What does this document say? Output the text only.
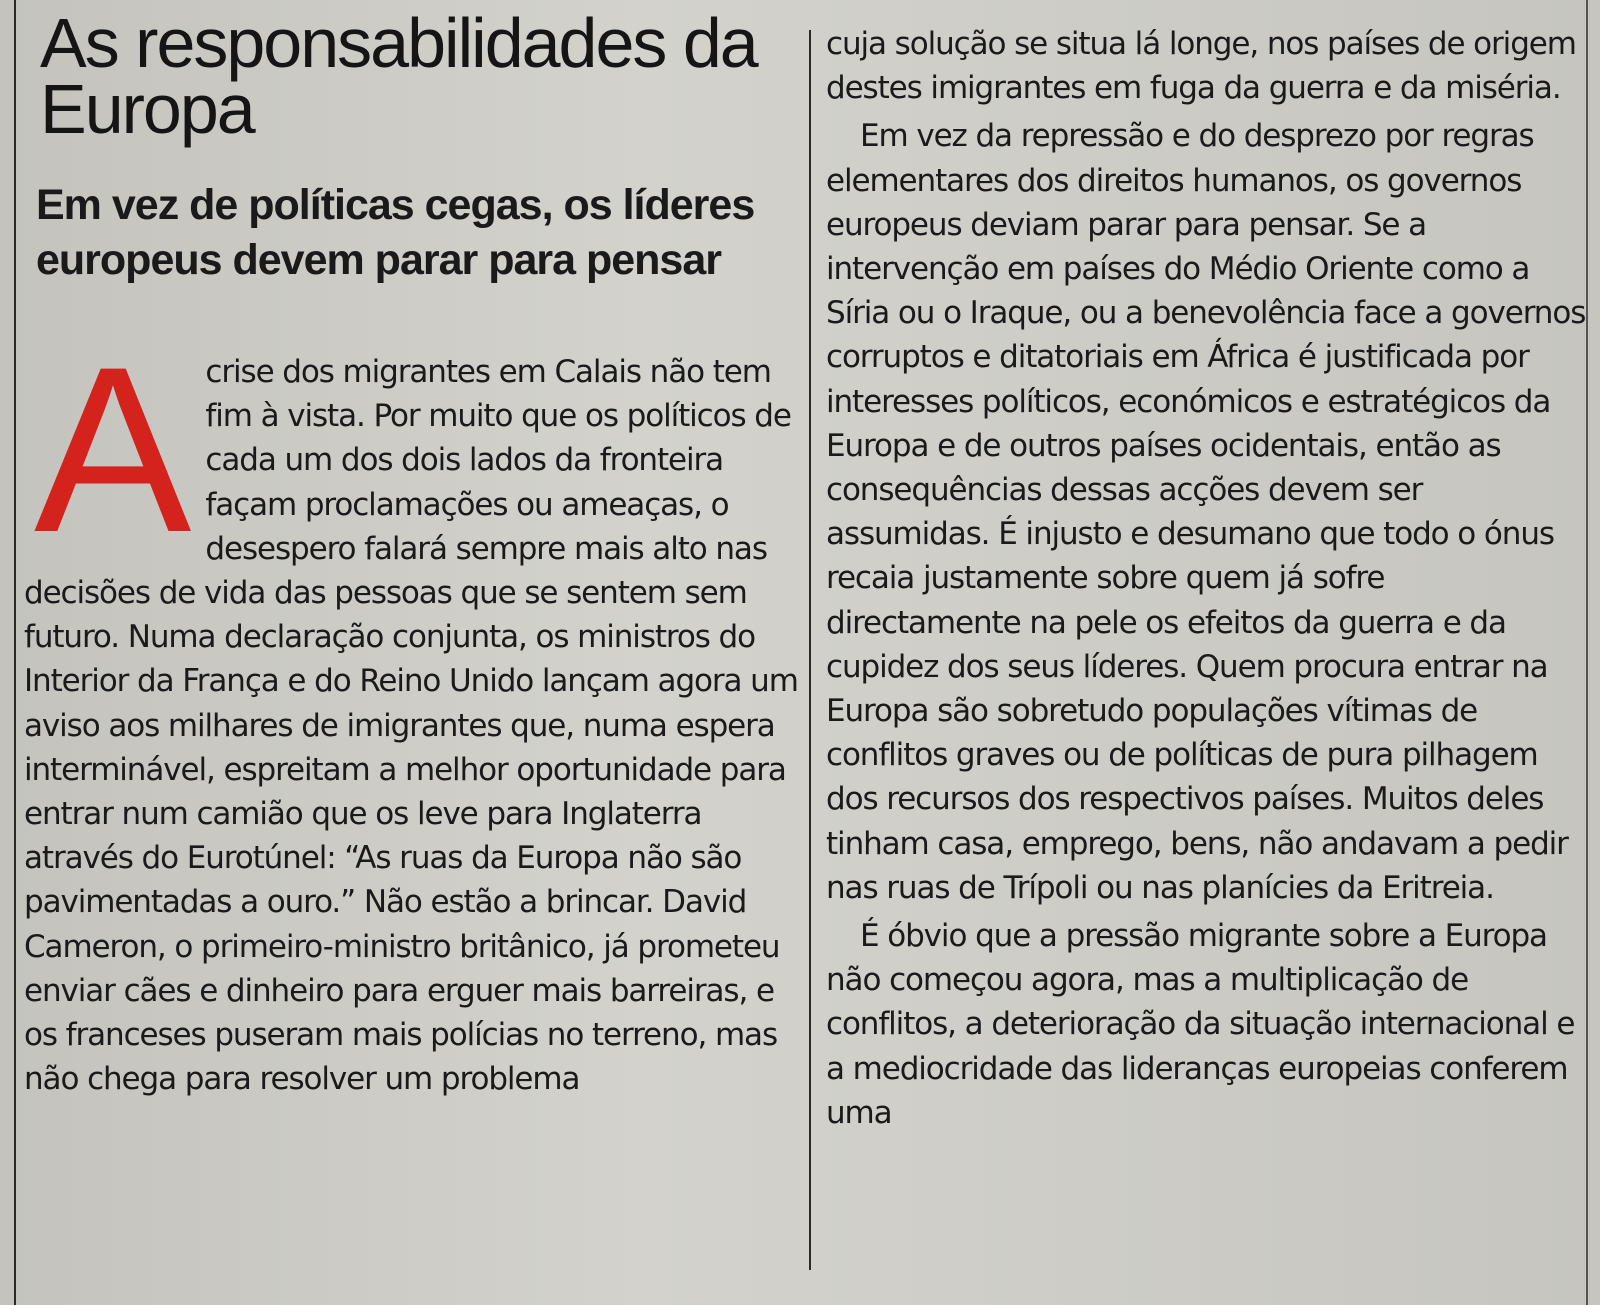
As responsabilidades da Europa
Em vez de políticas cegas, os líderes europeus devem parar para pensar
A crise dos migrantes em Calais não tem fim à vista. Por muito que os políticos de cada um dos dois lados da fronteira façam proclamações ou ameaças, o desespero falará sempre mais alto nas decisões de vida das pessoas que se sentem sem futuro. Numa declaração conjunta, os ministros do Interior da França e do Reino Unido lançam agora um aviso aos milhares de imigrantes que, numa espera interminável, espreitam a melhor oportunidade para entrar num camião que os leve para Inglaterra através do Eurotúnel: “As ruas da Europa não são pavimentadas a ouro.” Não estão a brincar. David Cameron, o primeiro-ministro britânico, já prometeu enviar cães e dinheiro para erguer mais barreiras, e os franceses puseram mais polícias no terreno, mas não chega para resolver um problema

cuja solução se situa lá longe, nos países de origem destes imigrantes em fuga da guerra e da miséria.

Em vez da repressão e do desprezo por regras elementares dos direitos humanos, os governos europeus deviam parar para pensar. Se a intervenção em países do Médio Oriente como a Síria ou o Iraque, ou a benevolência face a governos corruptos e ditatoriais em África é justificada por interesses políticos, económicos e estratégicos da Europa e de outros países ocidentais, então as consequências dessas acções devem ser assumidas. É injusto e desumano que todo o ónus recaia justamente sobre quem já sofre directamente na pele os efeitos da guerra e da cupidez dos seus líderes. Quem procura entrar na Europa são sobretudo populações vítimas de conflitos graves ou de políticas de pura pilhagem dos recursos dos respectivos países. Muitos deles tinham casa, emprego, bens, não andavam a pedir nas ruas de Trípoli ou nas planícies da Eritreia.

É óbvio que a pressão migrante sobre a Europa não começou agora, mas a multiplicação de conflitos, a deterioração da situação internacional e a mediocridade das lideranças europeias conferem uma
